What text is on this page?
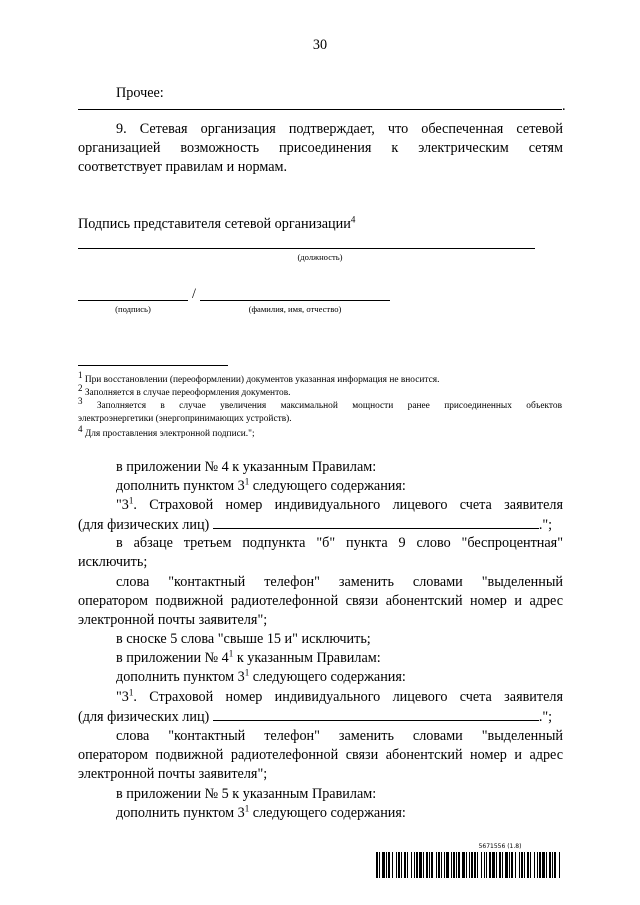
30
Прочее:
.
9. Сетевая организация подтверждает, что обеспеченная сетевой
организацией возможность присоединения к электрическим сетям
соответствует правилам и нормам.
Подпись представителя сетевой организации$^4$
(должность)
/
(подпись)	(фамилия, имя, отчество)
$^1$ При восстановлении (переоформлении) документов указанная информация не вносится.
$^2$ Заполняется в случае переоформления документов.
$^3$ Заполняется в случае увеличения максимальной мощности ранее присоединенных объектов
электроэнергетики (энергопринимающих устройств).
$^4$ Для проставления электронной подписи.";
в приложении № 4 к указанным Правилам:
дополнить пунктом $3^1$ следующего содержания:
"$3^1$. Страховой номер индивидуального лицевого счета заявителя
(для физических лиц)	.";
в абзаце третьем подпункта "б" пункта 9 слово "беспроцентная"
исключить;
слова "контактный телефон" заменить словами "выделенный
оператором подвижной радиотелефонной связи абонентский номер и адрес
электронной почты заявителя";
в сноске 5 слова "свыше 15 и" исключить;
в приложении № $4^1$ к указанным Правилам:
дополнить пунктом $3^1$ следующего содержания:
"$3^1$. Страховой номер индивидуального лицевого счета заявителя
(для физических лиц)	.";
слова "контактный телефон" заменить словами "выделенный
оператором подвижной радиотелефонной связи абонентский номер и адрес
электронной почты заявителя";
в приложении № 5 к указанным Правилам:
дополнить пунктом $3^1$ следующего содержания:
5671556 (1.8)
